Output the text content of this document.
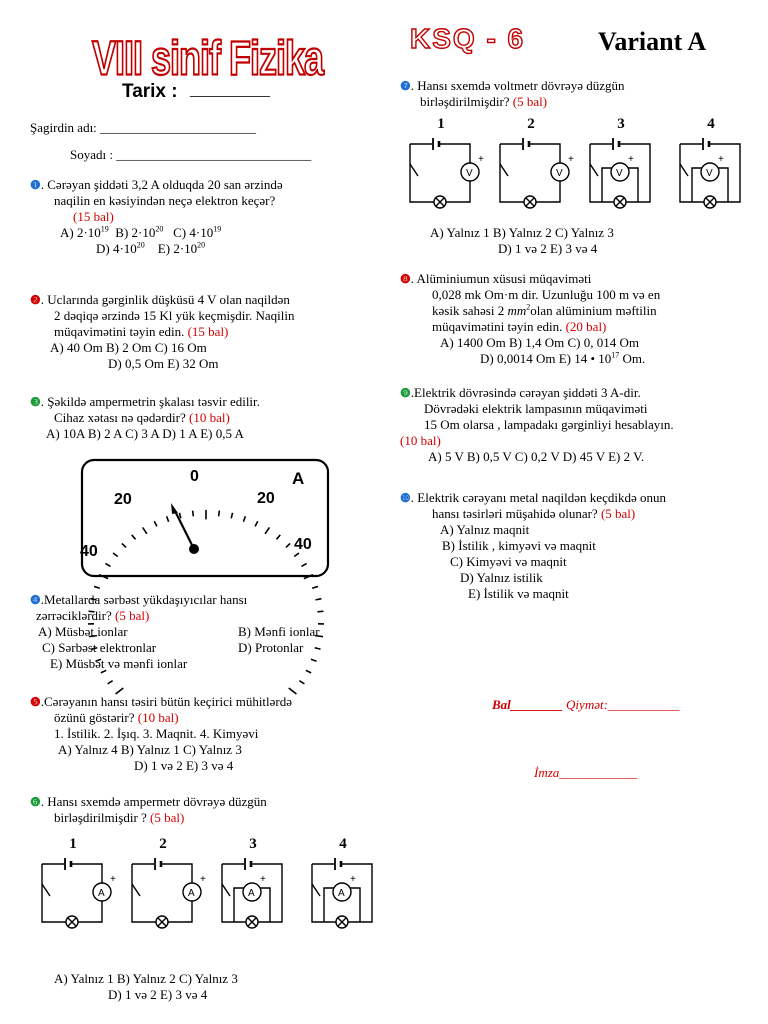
VIII sinif Fizika	KSQ - 6	Variant A
Tarix : __________
Şagirdin adı: ________________________
Soyadı : ______________________________
❶. Cərəyan şiddəti 3,2 A olduqda 20 san ərzində
naqilin en kəsiyindən neçə elektron keçər?
(15 bal)
A) $2\cdot 10^{19}$ B) $2\cdot 10^{20}$ C) $4\cdot 10^{19}$
D) $4\cdot 10^{20}$ E) $2\cdot 10^{20}$
❷. Uclarında gərginlik düşküsü 4 V olan naqildən
2 dəqiqə ərzində 15 Kl yük keçmişdir. Naqilin
müqavimətini təyin edin. (15 bal)
A) 40 Om B) 2 Om C) 16 Om
D) 0,5 Om E) 32 Om
❸. Şəkildə ampermetrin şkalası təsvir edilir.
Cihaz xətası nə qədərdir? (10 bal)
A) 10A B) 2 A C) 3 A D) 1 A E) 0,5 A
0
20	20
40	40
A
❹.Metallarda sərbəst yükdaşıyıcılar hansı
zərrəciklərdir? (5 bal)
A) Müsbət ionlar	B) Mənfi ionlar
C) Sərbəst elektronlar	D) Protonlar
E) Müsbət və mənfi ionlar
❺.Cərəyanın hansı təsiri bütün keçirici mühitlərdə
özünü göstərir? (10 bal)
1. İstilik. 2. İşıq. 3. Maqnit. 4. Kimyəvi
A) Yalnız 4 B) Yalnız 1 C) Yalnız 3
D) 1 və 2 E) 3 və 4
❻. Hansı sxemdə ampermetr dövrəyə düzgün
birləşdirilmişdir ? (5 bal)
1
A
+
2
A
+
3
A
+
4
A
+
A) Yalnız 1 B) Yalnız 2 C) Yalnız 3
D) 1 və 2 E) 3 və 4
❼. Hansı sxemdə voltmetr dövrəyə düzgün
birləşdirilmişdir? (5 bal)
1
V
+
2
V
+
3
V
+
4
V
+
A) Yalnız 1 B) Yalnız 2 C) Yalnız 3
D) 1 və 2 E) 3 və 4
❽. Alüminiumun xüsusi müqaviməti
0,028 mk Om·m dir. Uzunluğu 100 m və en
kəsik sahəsi 2 $mm^2olan$ alüminium məftilin
müqavimətini təyin edin. (20 bal)
A) 1400 Om B) 1,4 Om C) 0, 014 Om
D) 0,0014 Om E) 14 • $10^{17}$ Om.
❾.Elektrik dövrəsində cərəyan şiddəti 3 A-dir.
Dövrədəki elektrik lampasının müqaviməti
15 Om olarsa , lampadakı gərginliyi hesablayın.
(10 bal)
A) 5 V B) 0,5 V C) 0,2 V D) 45 V E) 2 V.
❿. Elektrik cərəyanı metal naqildən keçdikdə onun
hansı təsirləri müşahidə olunar? (5 bal)
A) Yalnız maqnit
B) İstilik , kimyəvi və maqnit
C) Kimyəvi və maqnit
D) Yalnız istilik
E) İstilik və maqnit
Bal________ Qiymət:___________
İmza____________
